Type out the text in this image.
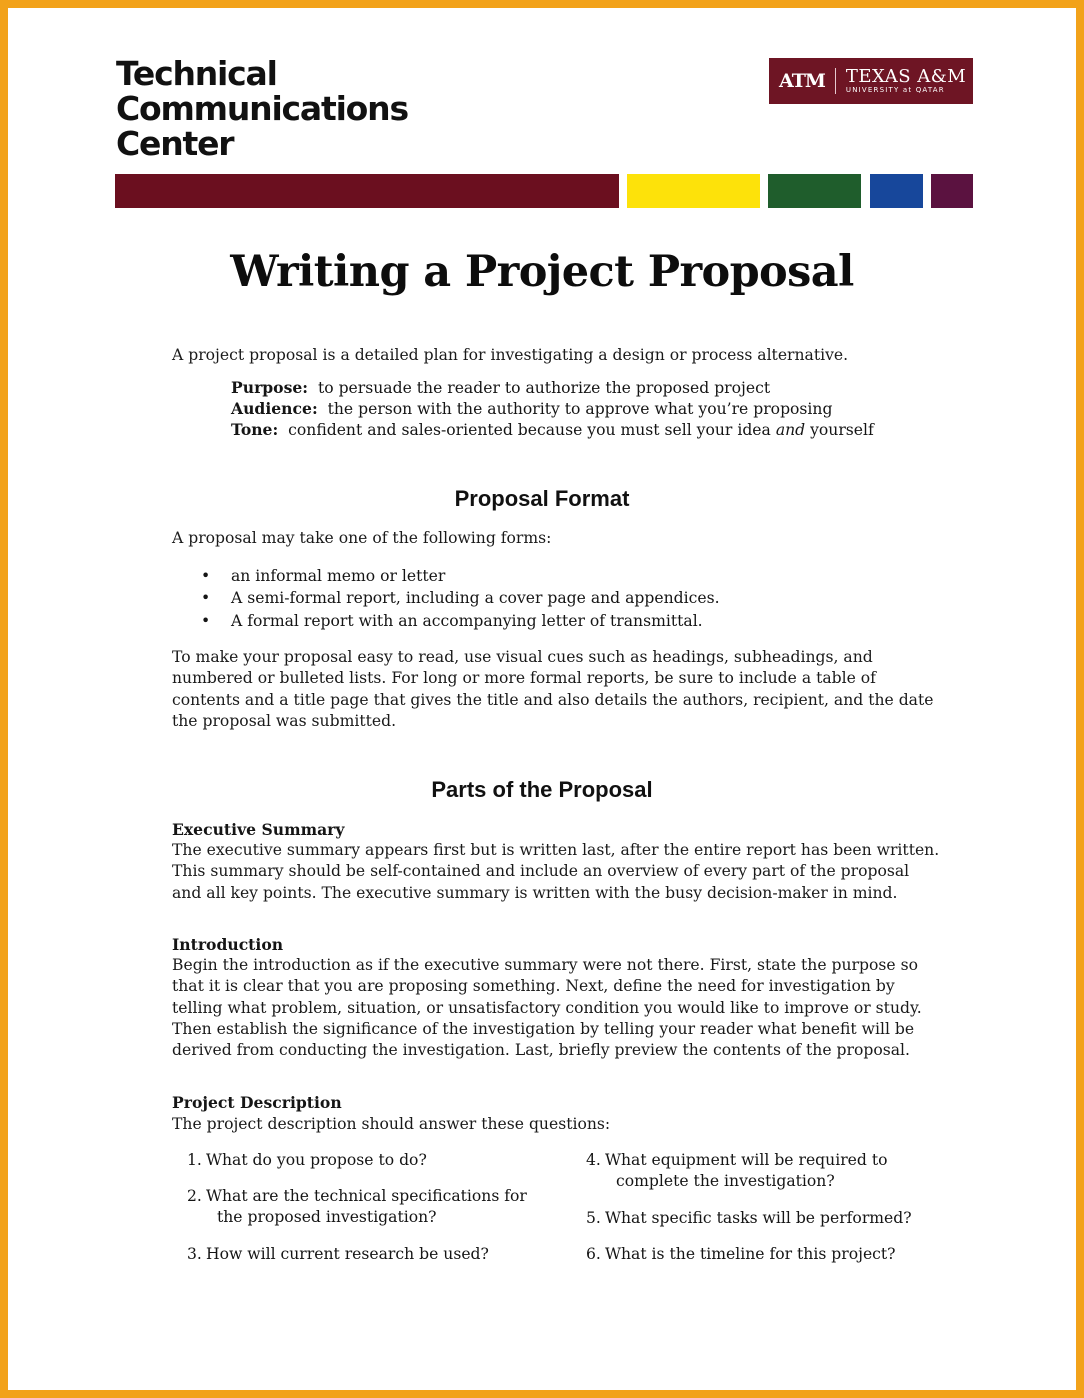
Technical
Communications
Center
ATM TEXAS A&M
UNIVERSITY at QATAR
Writing a Project Proposal

A project proposal is a detailed plan for investigating a design or process alternative.

Purpose: to persuade the reader to authorize the proposed project

Audience: the person with the authority to approve what you’re proposing

Tone: confident and sales-oriented because you must sell your idea and yourself

Proposal Format

A proposal may take one of the following forms:

• an informal memo or letter
• A semi-formal report, including a cover page and appendices.
• A formal report with an accompanying letter of transmittal.

To make your proposal easy to read, use visual cues such as headings, subheadings, and
numbered or bulleted lists. For long or more formal reports, be sure to include a table of
contents and a title page that gives the title and also details the authors, recipient, and the date
the proposal was submitted.

Parts of the Proposal
Executive Summary

The executive summary appears first but is written last, after the entire report has been written.
This summary should be self-contained and include an overview of every part of the proposal
and all key points. The executive summary is written with the busy decision-maker in mind.

Introduction

Begin the introduction as if the executive summary were not there. First, state the purpose so
that it is clear that you are proposing something. Next, define the need for investigation by
telling what problem, situation, or unsatisfactory condition you would like to improve or study.
Then establish the significance of the investigation by telling your reader what benefit will be
derived from conducting the investigation. Last, briefly preview the contents of the proposal.

Project Description

The project description should answer these questions:

1. What do you propose to do?
2. What are the technical specifications for
the proposed investigation?
3. How will current research be used?
4. What equipment will be required to
complete the investigation?
5. What specific tasks will be performed?
6. What is the timeline for this project?
